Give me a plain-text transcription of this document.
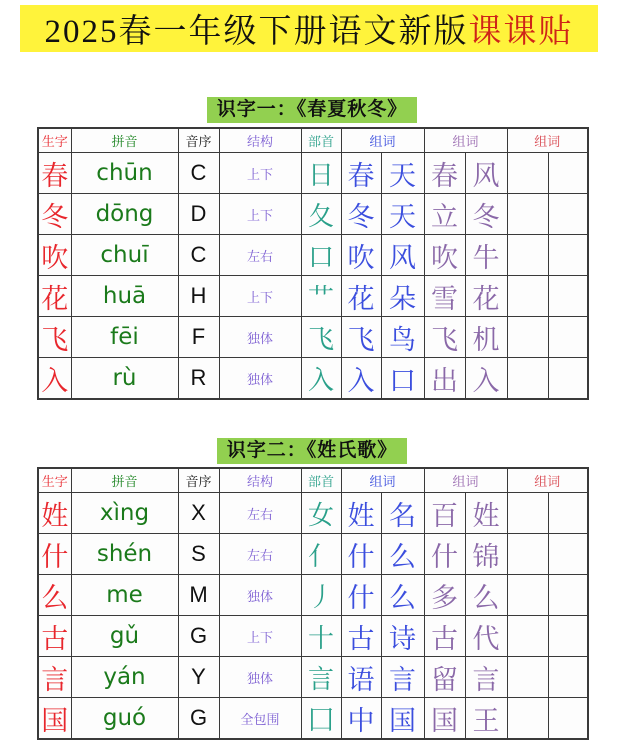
2025春一年级下册语文新版 课课贴
识字一：《春夏秋冬》
生字	拼音	音序	结构	部首	组词		组词		组词	
春	chūn	C	上下	日	春	天	春	风		
冬	dōng	D	上下	夂	冬	天	立	冬		
吹	chuī	C	左右	口	吹	风	吹	牛		
花	huā	H	上下	艹	花	朵	雪	花		
飞	fēi	F	独体	飞	飞	鸟	飞	机		
入	rù	R	独体	入	入	口	出	入		
识字二：《姓氏歌》
生字	拼音	音序	结构	部首	组词		组词		组词	
姓	xìng	X	左右	女	姓	名	百	姓		
什	shén	S	左右	亻	什	么	什	锦		
么	me	M	独体	丿	什	么	多	么		
古	gǔ	G	上下	十	古	诗	古	代		
言	yán	Y	独体	言	语	言	留	言		
国	guó	G	全包围	囗	中	国	国	王		
